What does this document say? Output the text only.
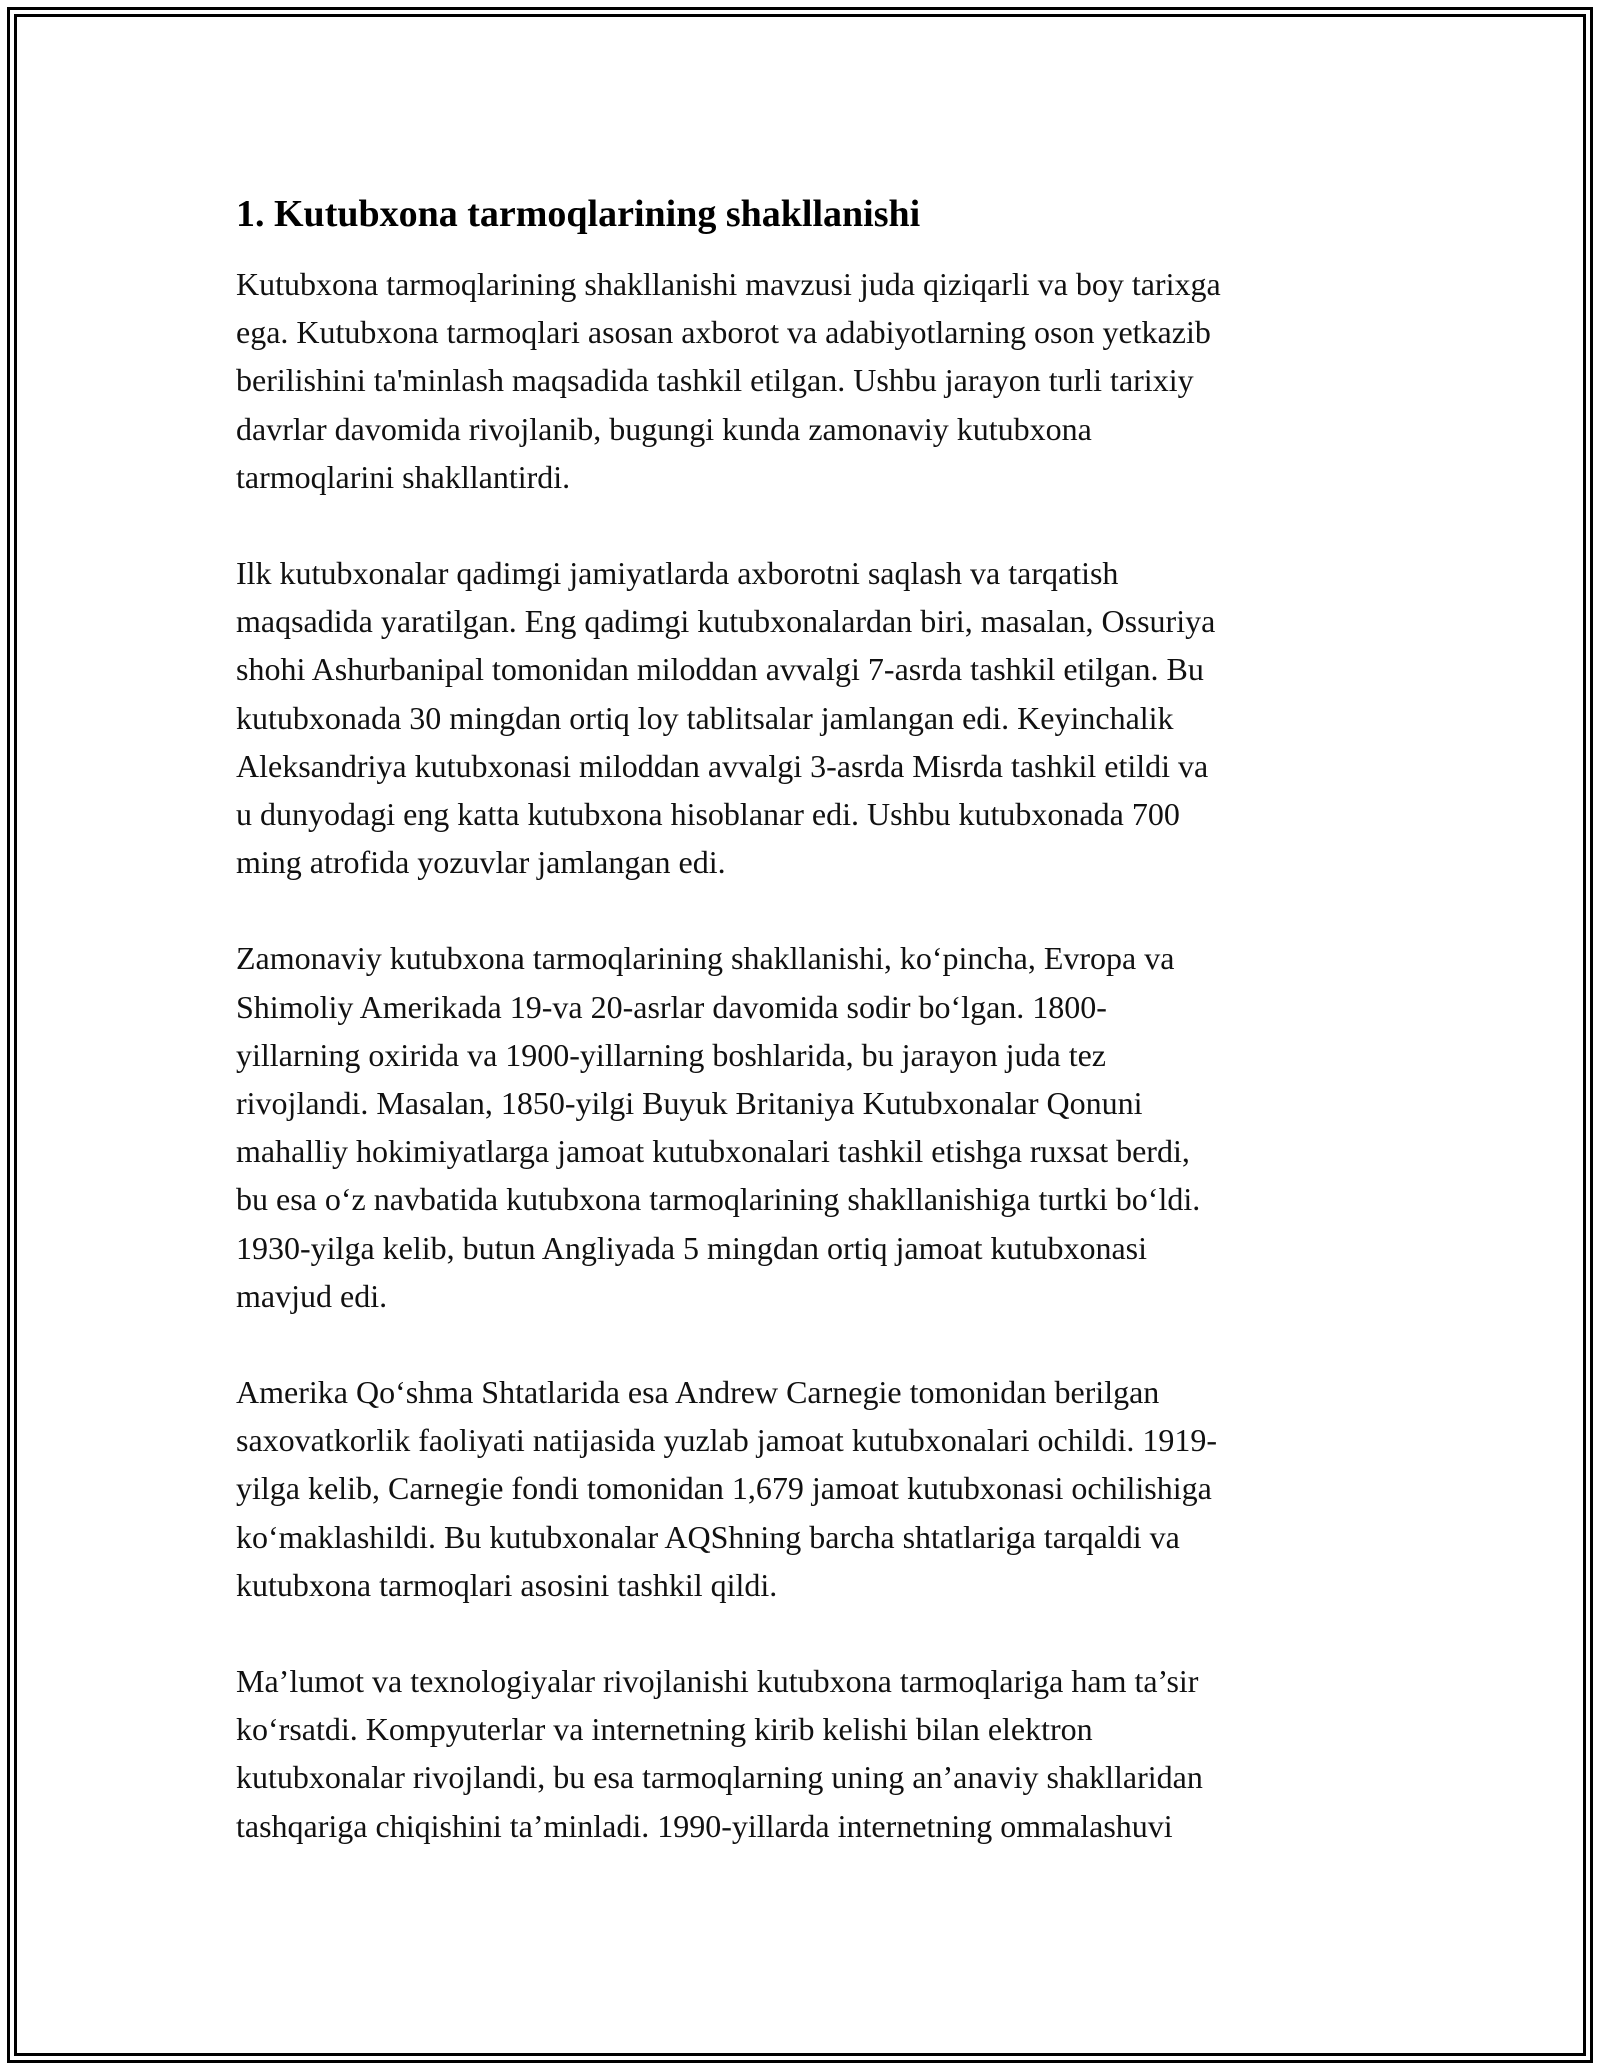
1. Kutubxona tarmoqlarining shakllanishi

Kutubxona tarmoqlarining shakllanishi mavzusi juda qiziqarli va boy tarixga
ega. Kutubxona tarmoqlari asosan axborot va adabiyotlarning oson yetkazib
berilishini ta'minlash maqsadida tashkil etilgan. Ushbu jarayon turli tarixiy
davrlar davomida rivojlanib, bugungi kunda zamonaviy kutubxona
tarmoqlarini shakllantirdi.

Ilk kutubxonalar qadimgi jamiyatlarda axborotni saqlash va tarqatish
maqsadida yaratilgan. Eng qadimgi kutubxonalardan biri, masalan, Ossuriya
shohi Ashurbanipal tomonidan miloddan avvalgi 7-asrda tashkil etilgan. Bu
kutubxonada 30 mingdan ortiq loy tablitsalar jamlangan edi. Keyinchalik
Aleksandriya kutubxonasi miloddan avvalgi 3-asrda Misrda tashkil etildi va
u dunyodagi eng katta kutubxona hisoblanar edi. Ushbu kutubxonada 700
ming atrofida yozuvlar jamlangan edi.

Zamonaviy kutubxona tarmoqlarining shakllanishi, koʻpincha, Evropa va
Shimoliy Amerikada 19-va 20-asrlar davomida sodir boʻlgan. 1800-
yillarning oxirida va 1900-yillarning boshlarida, bu jarayon juda tez
rivojlandi. Masalan, 1850-yilgi Buyuk Britaniya Kutubxonalar Qonuni
mahalliy hokimiyatlarga jamoat kutubxonalari tashkil etishga ruxsat berdi,
bu esa oʻz navbatida kutubxona tarmoqlarining shakllanishiga turtki boʻldi.
1930-yilga kelib, butun Angliyada 5 mingdan ortiq jamoat kutubxonasi
mavjud edi.

Amerika Qoʻshma Shtatlarida esa Andrew Carnegie tomonidan berilgan
saxovatkorlik faoliyati natijasida yuzlab jamoat kutubxonalari ochildi. 1919-
yilga kelib, Carnegie fondi tomonidan 1,679 jamoat kutubxonasi ochilishiga
koʻmaklashildi. Bu kutubxonalar AQShning barcha shtatlariga tarqaldi va
kutubxona tarmoqlari asosini tashkil qildi.

Ma’lumot va texnologiyalar rivojlanishi kutubxona tarmoqlariga ham ta’sir
koʻrsatdi. Kompyuterlar va internetning kirib kelishi bilan elektron
kutubxonalar rivojlandi, bu esa tarmoqlarning uning an’anaviy shakllaridan
tashqariga chiqishini ta’minladi. 1990-yillarda internetning ommalashuvi
